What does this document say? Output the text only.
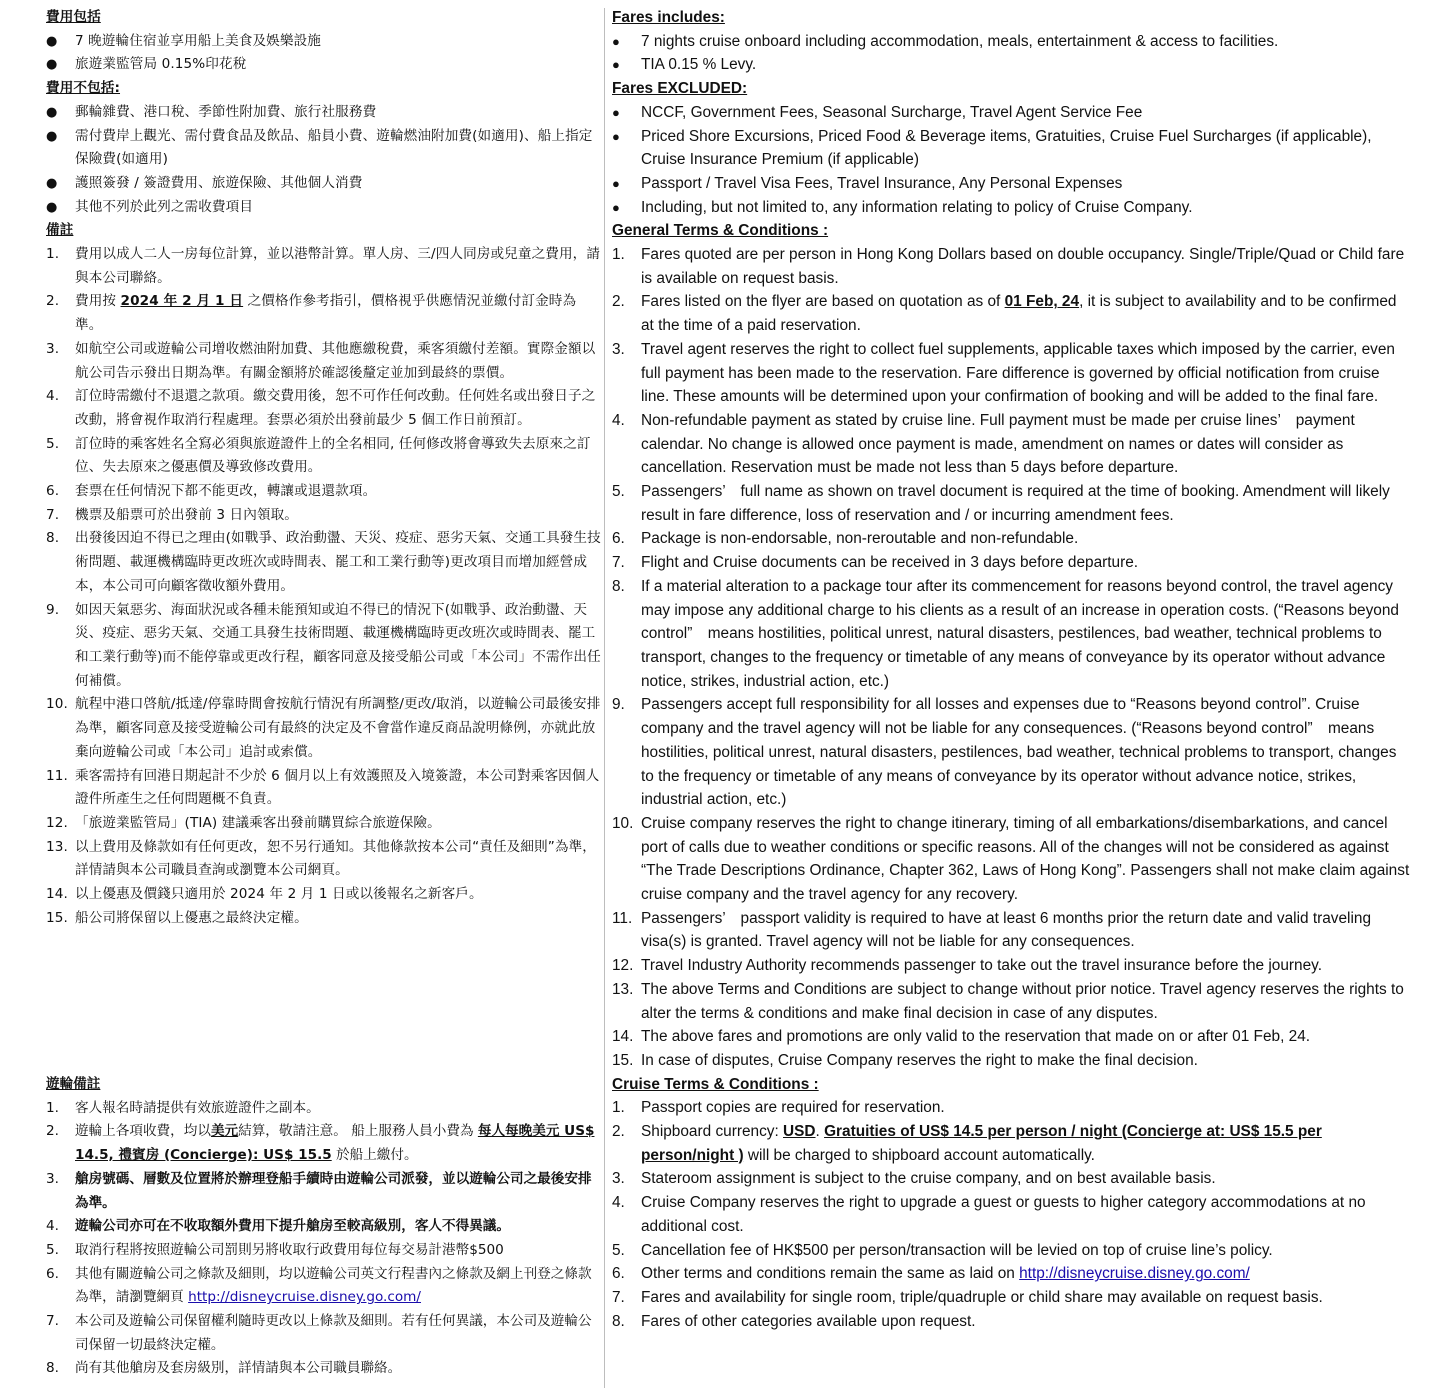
費用包括
●	7 晚遊輪住宿並享用船上美食及娛樂設施
●	旅遊業監管局 0.15%印花稅
費用不包括:
●	郵輪雜費、港口稅、季節性附加費、旅行社服務費
●	需付費岸上觀光、需付費食品及飲品、船員小費、遊輪燃油附加費(如適用)、船上指定保險費(如適用)
●	護照簽發 / 簽證費用、旅遊保險、其他個人消費
●	其他不列於此列之需收費項目
備註
1.	費用以成人二人一房每位計算，並以港幣計算。單人房、三/四人同房或兒童之費用，請與本公司聯絡。
2.	費用按 2024 年 2 月 1 日 之價格作參考指引，價格視乎供應情況並繳付訂金時為準。
3.	如航空公司或遊輪公司增收燃油附加費、其他應繳稅費，乘客須繳付差額。實際金額以航公司告示發出日期為準。有關金額將於確認後釐定並加到最終的票價。
4.	訂位時需繳付不退還之款項。繳交費用後，恕不可作任何改動。任何姓名或出發日子之改動，將會視作取消行程處理。套票必須於出發前最少 5 個工作日前預訂。
5.	訂位時的乘客姓名全寫必須與旅遊證件上的全名相同, 任何修改將會導致失去原來之訂位、失去原來之優惠價及導致修改費用。
6.	套票在任何情況下都不能更改，轉讓或退還款項。
7.	機票及船票可於出發前 3 日內領取。
8.	出發後因迫不得已之理由(如戰爭、政治動盪、天災、疫症、惡劣天氣、交通工具發生技術問題、載運機構臨時更改班次或時間表、罷工和工業行動等)更改項目而增加經營成本，本公司可向顧客徵收額外費用。
9.	如因天氣惡劣、海面狀況或各種未能預知或迫不得已的情況下(如戰爭、政治動盪、天災、疫症、惡劣天氣、交通工具發生技術問題、載運機構臨時更改班次或時間表、罷工和工業行動等)而不能停靠或更改行程，顧客同意及接受船公司或「本公司」不需作出任何補償。
10. 航程中港口啓航/抵達/停靠時間會按航行情況有所調整/更改/取消，以遊輪公司最後安排為準，顧客同意及接受遊輪公司有最終的決定及不會當作違反商品說明條例，亦就此放棄向遊輪公司或「本公司」追討或索償。
11. 乘客需持有回港日期起計不少於 6 個月以上有效護照及入境簽證，本公司對乘客因個人證件所產生之任何問題概不負責。
12. 「旅遊業監管局」(TIA) 建議乘客出發前購買綜合旅遊保險。
13. 以上費用及條款如有任何更改，恕不另行通知。其他條款按本公司“責任及細則”為準，詳情請與本公司職員查詢或瀏覽本公司網頁。
14. 以上優惠及價錢只適用於 2024 年 2 月 1 日或以後報名之新客戶。
15. 船公司將保留以上優惠之最終決定權。
遊輪備註
1.	客人報名時請提供有效旅遊證件之副本。
2.	遊輪上各項收費，均以美元結算，敬請注意。 船上服務人員小費為 每人每晚美元 US$ 14.5, 禮賓房 (Concierge): US$ 15.5 於船上繳付。
3.	艙房號碼、層數及位置將於辦理登船手續時由遊輪公司派發，並以遊輪公司之最後安排為準。
4.	遊輪公司亦可在不收取額外費用下提升艙房至較高級別，客人不得異議。
5.	取消行程將按照遊輪公司罰則另將收取行政費用每位每交易計港幣$500
6.	其他有關遊輪公司之條款及細則，均以遊輪公司英文行程書內之條款及網上刊登之條款為準，請瀏覽網頁 http://disneycruise.disney.go.com/
7.	本公司及遊輪公司保留權利隨時更改以上條款及細則。若有任何異議，本公司及遊輪公司保留一切最終決定權。
8.	尚有其他艙房及套房級別，詳情請與本公司職員聯絡。
Fares includes:
●	7 nights cruise onboard including accommodation, meals, entertainment & access to facilities.
●	TIA 0.15 % Levy.
Fares EXCLUDED:
●	NCCF, Government Fees, Seasonal Surcharge, Travel Agent Service Fee
●	Priced Shore Excursions, Priced Food & Beverage items, Gratuities, Cruise Fuel Surcharges (if applicable), Cruise Insurance Premium (if applicable)
●	Passport / Travel Visa Fees, Travel Insurance, Any Personal Expenses
●	Including, but not limited to, any information relating to policy of Cruise Company.
General Terms & Conditions :
1.	Fares quoted are per person in Hong Kong Dollars based on double occupancy. Single/Triple/Quad or Child fare is available on request basis.
2.	Fares listed on the flyer are based on quotation as of 01 Feb, 24, it is subject to availability and to be confirmed at the time of a paid reservation.
3.	Travel agent reserves the right to collect fuel supplements, applicable taxes which imposed by the carrier, even full payment has been made to the reservation. Fare difference is governed by official notification from cruise line. These amounts will be determined upon your confirmation of booking and will be added to the final fare.
4.	Non-refundable payment as stated by cruise line. Full payment must be made per cruise lines’　payment calendar. No change is allowed once payment is made, amendment on names or dates will consider as cancellation. Reservation must be made not less than 5 days before departure.
5.	Passengers’　full name as shown on travel document is required at the time of booking. Amendment will likely result in fare difference, loss of reservation and / or incurring amendment fees.
6.	Package is non-endorsable, non-reroutable and non-refundable.
7.	Flight and Cruise documents can be received in 3 days before departure.
8.	If a material alteration to a package tour after its commencement for reasons beyond control, the travel agency may impose any additional charge to his clients as a result of an increase in operation costs. (“Reasons beyond control”　means hostilities, political unrest, natural disasters, pestilences, bad weather, technical problems to transport, changes to the frequency or timetable of any means of conveyance by its operator without advance notice, strikes, industrial action, etc.)
9.	Passengers accept full responsibility for all losses and expenses due to “Reasons beyond control”. Cruise company and the travel agency will not be liable for any consequences. (“Reasons beyond control”　means hostilities, political unrest, natural disasters, pestilences, bad weather, technical problems to transport, changes to the frequency or timetable of any means of conveyance by its operator without advance notice, strikes, industrial action, etc.)
10. Cruise company reserves the right to change itinerary, timing of all embarkations/disembarkations, and cancel port of calls due to weather conditions or specific reasons. All of the changes will not be considered as against “The Trade Descriptions Ordinance, Chapter 362, Laws of Hong Kong”. Passengers shall not make claim against cruise company and the travel agency for any recovery.
11. Passengers’　passport validity is required to have at least 6 months prior the return date and valid traveling visa(s) is granted. Travel agency will not be liable for any consequences.
12. Travel Industry Authority recommends passenger to take out the travel insurance before the journey.
13. The above Terms and Conditions are subject to change without prior notice. Travel agency reserves the rights to alter the terms & conditions and make final decision in case of any disputes.
14. The above fares and promotions are only valid to the reservation that made on or after 01 Feb, 24.
15. In case of disputes, Cruise Company reserves the right to make the final decision.
Cruise Terms & Conditions :
1.	Passport copies are required for reservation.
2.	Shipboard currency: USD. Gratuities of US$ 14.5 per person / night (Concierge at: US$ 15.5 per person/night ) will be charged to shipboard account automatically.
3.	Stateroom assignment is subject to the cruise company, and on best available basis.
4.	Cruise Company reserves the right to upgrade a guest or guests to higher category accommodations at no additional cost.
5.	Cancellation fee of HK$500 per person/transaction will be levied on top of cruise line’s policy.
6.	Other terms and conditions remain the same as laid on http://disneycruise.disney.go.com/
7.	Fares and availability for single room, triple/quadruple or child share may available on request basis.
8.	Fares of other categories available upon request.
